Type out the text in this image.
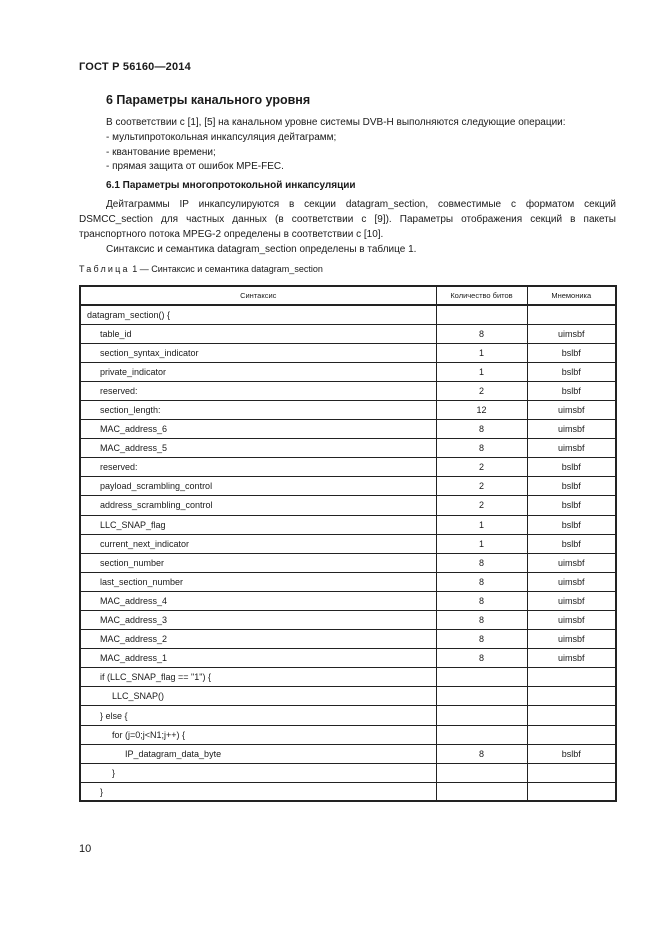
ГОСТ Р 56160—2014
6 Параметры канального уровня
В соответствии с [1], [5] на канальном уровне системы DVB-H выполняются следующие операции:
- мультипротокольная инкапсуляция дейтаграмм;
- квантование времени;
- прямая защита от ошибок MPE-FEC.
6.1 Параметры многопротокольной инкапсуляции
Дейтаграммы IP инкапсулируются в секции datagram_section, совместимые с форматом секций DSMCC_section для частных данных (в соответствии с [9]). Параметры отображения секций в пакеты транспортного потока MPEG-2 определены в соответствии с [10].
Синтаксис и семантика datagram_section определены в таблице 1.
Таблица 1 — Синтаксис и семантика datagram_section
Синтаксис	Количество битов	Мнемоника
datagram_section() {		
table_id	8	uimsbf
section_syntax_indicator	1	bslbf
private_indicator	1	bslbf
reserved:	2	bslbf
section_length:	12	uimsbf
MAC_address_6	8	uimsbf
MAC_address_5	8	uimsbf
reserved:	2	bslbf
payload_scrambling_control	2	bslbf
address_scrambling_control	2	bslbf
LLC_SNAP_flag	1	bslbf
current_next_indicator	1	bslbf
section_number	8	uimsbf
last_section_number	8	uimsbf
MAC_address_4	8	uimsbf
MAC_address_3	8	uimsbf
MAC_address_2	8	uimsbf
MAC_address_1	8	uimsbf
if (LLC_SNAP_flag == "1") {		
LLC_SNAP()		
} else {		
for (j=0;j<N1;j++) {		
IP_datagram_data_byte	8	bslbf
}		
}		
10
